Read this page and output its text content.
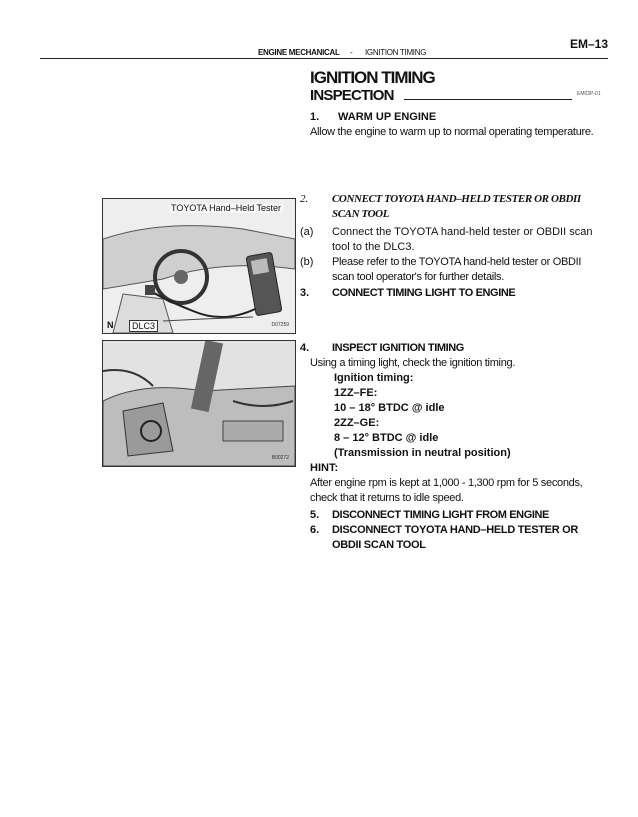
EM–13
ENGINE MECHANICAL - IGNITION TIMING
IGNITION TIMING
INSPECTION	EM03P-01
1. WARM UP ENGINE
Allow the engine to warm up to normal operating temperature.
TOYOTA Hand–Held Tester
N	DLC3	D07259
2.	CONNECT TOYOTA HAND–HELD TESTER OR OBDII SCAN TOOL
(a)	Connect the TOYOTA hand-held tester or OBDII scan tool to the DLC3.
(b)	Please refer to the TOYOTA hand-held tester or OBDII scan tool operator's for further details.
3.	CONNECT TIMING LIGHT TO ENGINE
B00272
4.	INSPECT IGNITION TIMING
Using a timing light, check the ignition timing.
Ignition timing:
1ZZ–FE:
10 – 18° BTDC @ idle
2ZZ–GE:
8 – 12° BTDC @ idle
(Transmission in neutral position)
HINT:
After engine rpm is kept at 1,000 - 1,300 rpm for 5 seconds, check that it returns to idle speed.
5.	DISCONNECT TIMING LIGHT FROM ENGINE
6.	DISCONNECT TOYOTA HAND–HELD TESTER OR OBDII SCAN TOOL
